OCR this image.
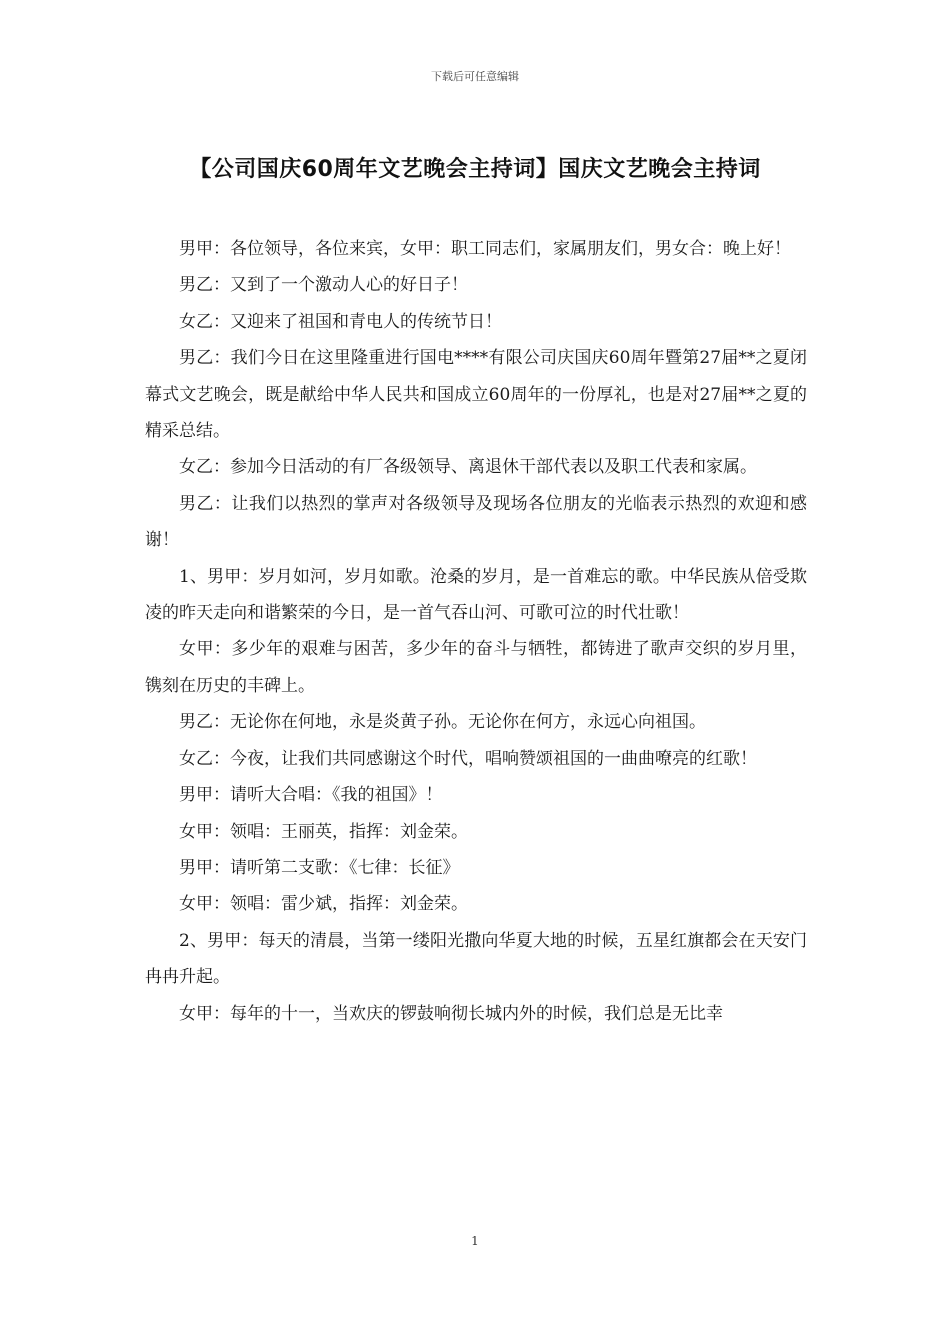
下载后可任意编辑
【公司国庆60周年文艺晚会主持词】国庆文艺晚会主持词

男甲：各位领导，各位来宾，女甲：职工同志们，家属朋友们，男女合：晚上好！

男乙：又到了一个激动人心的好日子！

女乙：又迎来了祖国和青电人的传统节日！

男乙：我们今日在这里隆重进行国电****有限公司庆国庆60周年暨第27届**之夏闭幕式文艺晚会，既是献给中华人民共和国成立60周年的一份厚礼，也是对27届**之夏的精采总结。

女乙：参加今日活动的有厂各级领导、离退休干部代表以及职工代表和家属。

男乙：让我们以热烈的掌声对各级领导及现场各位朋友的光临表示热烈的欢迎和感谢！

1、男甲：岁月如河，岁月如歌。沧桑的岁月，是一首难忘的歌。中华民族从倍受欺凌的昨天走向和谐繁荣的今日，是一首气吞山河、可歌可泣的时代壮歌！

女甲：多少年的艰难与困苦，多少年的奋斗与牺牲，都铸进了歌声交织的岁月里，镌刻在历史的丰碑上。

男乙：无论你在何地，永是炎黄子孙。无论你在何方，永远心向祖国。

女乙：今夜，让我们共同感谢这个时代，唱响赞颂祖国的一曲曲嘹亮的红歌！

男甲：请听大合唱：《我的祖国》！

女甲：领唱：王丽英，指挥：刘金荣。

男甲：请听第二支歌：《七律：长征》

女甲：领唱：雷少斌，指挥：刘金荣。

2、男甲：每天的清晨，当第一缕阳光撒向华夏大地的时候，五星红旗都会在天安门冉冉升起。

女甲：每年的十一，当欢庆的锣鼓响彻长城内外的时候，我们总是无比幸

1
